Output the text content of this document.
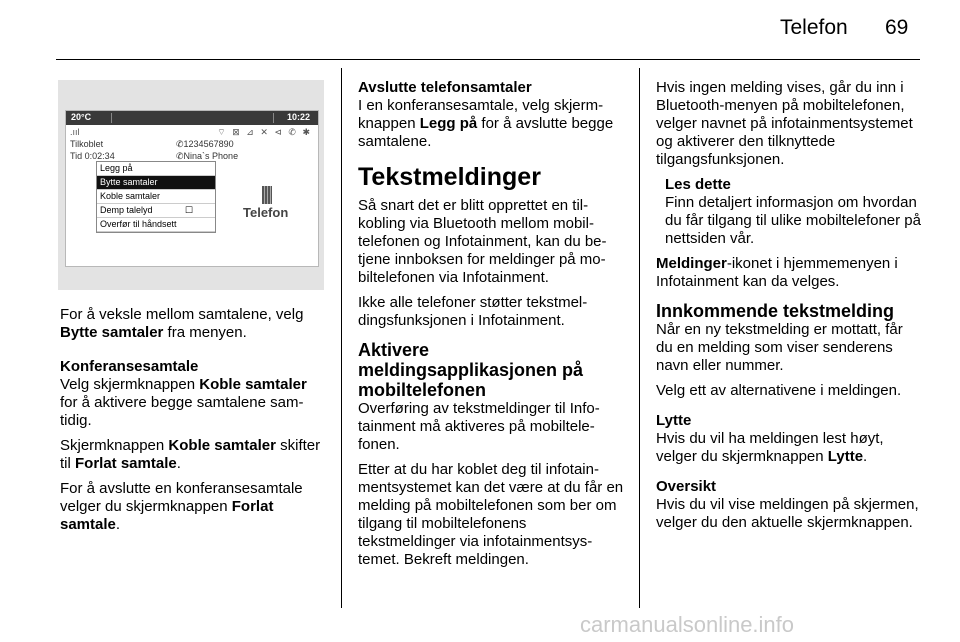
Telefon 69
20°C	10:22
.ııl	⌔ ⊠ ⊿ ✕ ⊲ ✆ ✱
Tilkoblet
Tid 0:02:34
✆1234567890
✆Nina`s Phone
Legg på
Bytte samtaler
Koble samtaler
Demp talelyd	☐
Overfør til håndsett
Telefon

For å veksle mellom samtalene, velg Bytte samtaler fra menyen.

Konferansesamtale
Velg skjermknappen Koble samtaler for å aktivere begge samtalene samtidig.

Skjermknappen Koble samtaler skifter til Forlat samtale.

For å avslutte en konferansesamtale velger du skjermknappen Forlat samtale.

Avslutte telefonsamtaler
I en konferansesamtale, velg skjermknappen Legg på for å avslutte begge samtalene.

Tekstmeldinger

Så snart det er blitt opprettet en tilkobling via Bluetooth mellom mobiltelefonen og Infotainment, kan du betjene innboksen for meldinger på mobiltelefonen via Infotainment.

Ikke alle telefoner støtter tekstmeldingsfunksjonen i Infotainment.

Aktivere meldingsapplikasjonen på mobiltelefonen

Overføring av tekstmeldinger til Infotainment må aktiveres på mobiltelefonen.

Etter at du har koblet deg til infotainmentsystemet kan det være at du får en melding på mobiltelefonen som ber om tilgang til mobiltelefonens tekstmeldinger via infotainmentsystemet. Bekreft meldingen.

Hvis ingen melding vises, går du inn i Bluetooth-menyen på mobiltelefonen, velger navnet på infotainmentsystemet og aktiverer den tilknyttede tilgangsfunksjonen.

Les dette
Finn detaljert informasjon om hvordan du får tilgang til ulike mobiltelefoner på nettsiden vår.

Meldinger-ikonet i hjemmemenyen i Infotainment kan da velges.

Innkommende tekstmelding

Når en ny tekstmelding er mottatt, får du en melding som viser senderens navn eller nummer.

Velg ett av alternativene i meldingen.

Lytte
Hvis du vil ha meldingen lest høyt, velger du skjermknappen Lytte.

Oversikt
Hvis du vil vise meldingen på skjermen, velger du den aktuelle skjermknappen.

carmanualsonline.info
